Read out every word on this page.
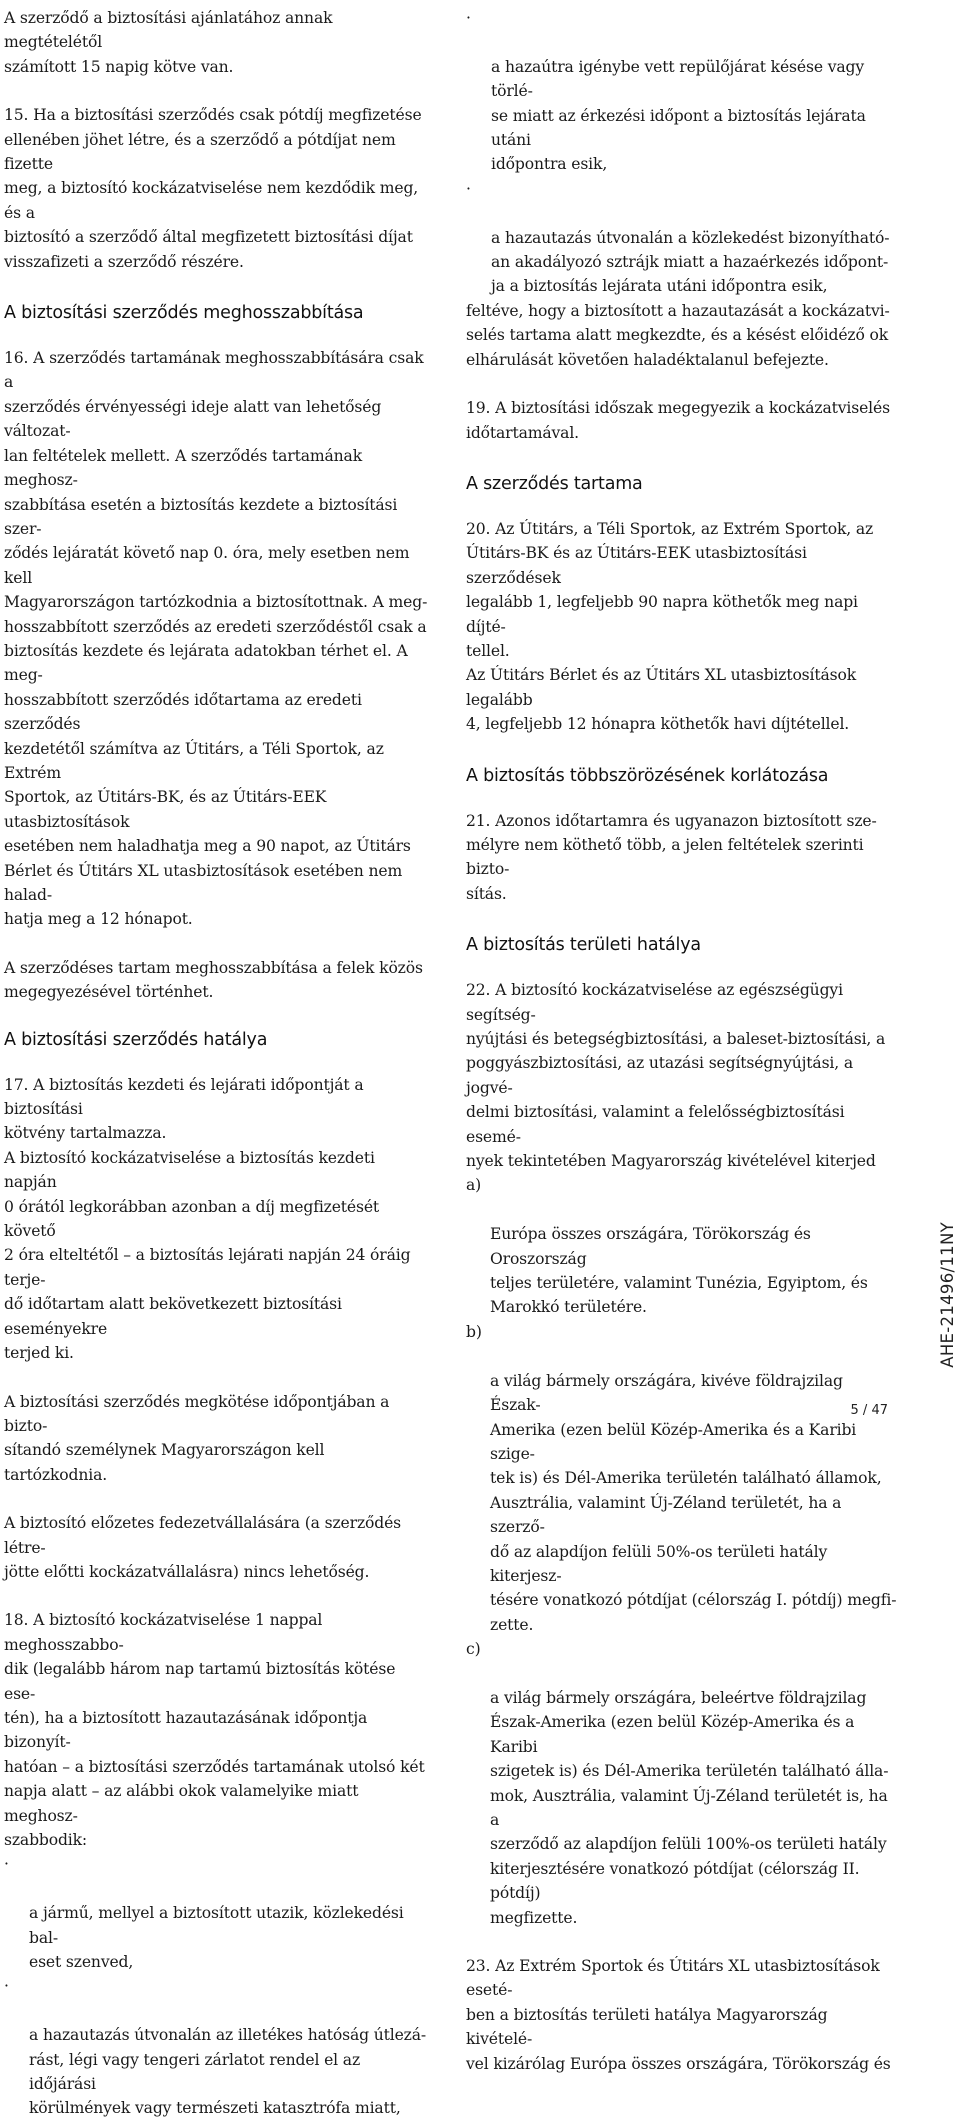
A szerződő a biztosítási ajánlatához annak megtételétől
számított 15 napig kötve van.

15. Ha a biztosítási szerződés csak pótdíj megfizetése
ellenében jöhet létre, és a szerződő a pótdíjat nem fizette
meg, a biztosító kockázatviselése nem kezdődik meg, és a
biztosító a szerződő által megfizetett biztosítási díjat
visszafizeti a szerződő részére.

A biztosítási szerződés meghosszabbítása

16. A szerződés tartamának meghosszabbítására csak a
szerződés érvényességi ideje alatt van lehetőség változat-
lan feltételek mellett. A szerződés tartamának meghosz-
szabbítása esetén a biztosítás kezdete a biztosítási szer-
ződés lejáratát követő nap 0. óra, mely esetben nem kell
Magyarországon tartózkodnia a biztosítottnak. A meg-
hosszabbított szerződés az eredeti szerződéstől csak a
biztosítás kezdete és lejárata adatokban térhet el. A meg-
hosszabbított szerződés időtartama az eredeti szerződés
kezdetétől számítva az Útitárs, a Téli Sportok, az Extrém
Sportok, az Útitárs-BK, és az Útitárs-EEK utasbiztosítások
esetében nem haladhatja meg a 90 napot, az Útitárs
Bérlet és Útitárs XL utasbiztosítások esetében nem halad-
hatja meg a 12 hónapot.

A szerződéses tartam meghosszabbítása a felek közös
megegyezésével történhet.

A biztosítási szerződés hatálya

17. A biztosítás kezdeti és lejárati időpontját a biztosítási
kötvény tartalmazza.
A biztosító kockázatviselése a biztosítás kezdeti napján
0 órától legkorábban azonban a díj megfizetését követő
2 óra elteltétől – a biztosítás lejárati napján 24 óráig terje-
dő időtartam alatt bekövetkezett biztosítási eseményekre
terjed ki.

A biztosítási szerződés megkötése időpontjában a bizto-
sítandó személynek Magyarországon kell tartózkodnia.

A biztosító előzetes fedezetvállalására (a szerződés létre-
jötte előtti kockázatvállalásra) nincs lehetőség.

18. A biztosító kockázatviselése 1 nappal meghosszabbo-
dik (legalább három nap tartamú biztosítás kötése ese-
tén), ha a biztosított hazautazásának időpontja bizonyít-
hatóan – a biztosítási szerződés tartamának utolsó két
napja alatt – az alábbi okok valamelyike miatt meghosz-
szabbodik:

·

a jármű, mellyel a biztosított utazik, közlekedési bal-
eset szenved,

·

a hazautazás útvonalán az illetékes hatóság útlezá-
rást, légi vagy tengeri zárlatot rendel el az időjárási
körülmények vagy természeti katasztrófa miatt,

·

a hazaútra igénybe vett repülőjárat késése vagy törlé-
se miatt az érkezési időpont a biztosítás lejárata utáni
időpontra esik,

·

a hazautazás útvonalán a közlekedést bizonyítható-
an akadályozó sztrájk miatt a hazaérkezés időpont-
ja a biztosítás lejárata utáni időpontra esik,

feltéve, hogy a biztosított a hazautazását a kockázatvi-
selés tartama alatt megkezdte, és a késést előidéző ok
elhárulását követően haladéktalanul befejezte.

19. A biztosítási időszak megegyezik a kockázatviselés
időtartamával.

A szerződés tartama

20. Az Útitárs, a Téli Sportok, az Extrém Sportok, az
Útitárs-BK és az Útitárs-EEK utasbiztosítási szerződések
legalább 1, legfeljebb 90 napra köthetők meg napi díjté-
tellel.
Az Útitárs Bérlet és az Útitárs XL utasbiztosítások legalább
4, legfeljebb 12 hónapra köthetők havi díjtétellel.

A biztosítás többszörözésének korlátozása

21. Azonos időtartamra és ugyanazon biztosított sze-
mélyre nem köthető több, a jelen feltételek szerinti bizto-
sítás.

A biztosítás területi hatálya

22. A biztosító kockázatviselése az egészségügyi segítség-
nyújtási és betegségbiztosítási, a baleset-biztosítási, a
poggyászbiztosítási, az utazási segítségnyújtási, a jogvé-
delmi biztosítási, valamint a felelősségbiztosítási esemé-
nyek tekintetében Magyarország kivételével kiterjed

a)

Európa összes országára, Törökország és Oroszország
teljes területére, valamint Tunézia, Egyiptom, és
Marokkó területére.

b)

a világ bármely országára, kivéve földrajzilag Észak-
Amerika (ezen belül Közép-Amerika és a Karibi szige-
tek is) és Dél-Amerika területén található államok,
Ausztrália, valamint Új-Zéland területét, ha a szerző-
dő az alapdíjon felüli 50%-os területi hatály kiterjesz-
tésére vonatkozó pótdíjat (célország I. pótdíj) megfi-
zette.

c)

a világ bármely országára, beleértve földrajzilag
Észak-Amerika (ezen belül Közép-Amerika és a Karibi
szigetek is) és Dél-Amerika területén található álla-
mok, Ausztrália, valamint Új-Zéland területét is, ha a
szerződő az alapdíjon felüli 100%-os területi hatály
kiterjesztésére vonatkozó pótdíjat (célország II. pótdíj)
megfizette.

23. Az Extrém Sportok és Útitárs XL utasbiztosítások eseté-
ben a biztosítás területi hatálya Magyarország kivételé-
vel kizárólag Európa összes országára, Törökország és

AHE-21496/11NY
5 / 47
